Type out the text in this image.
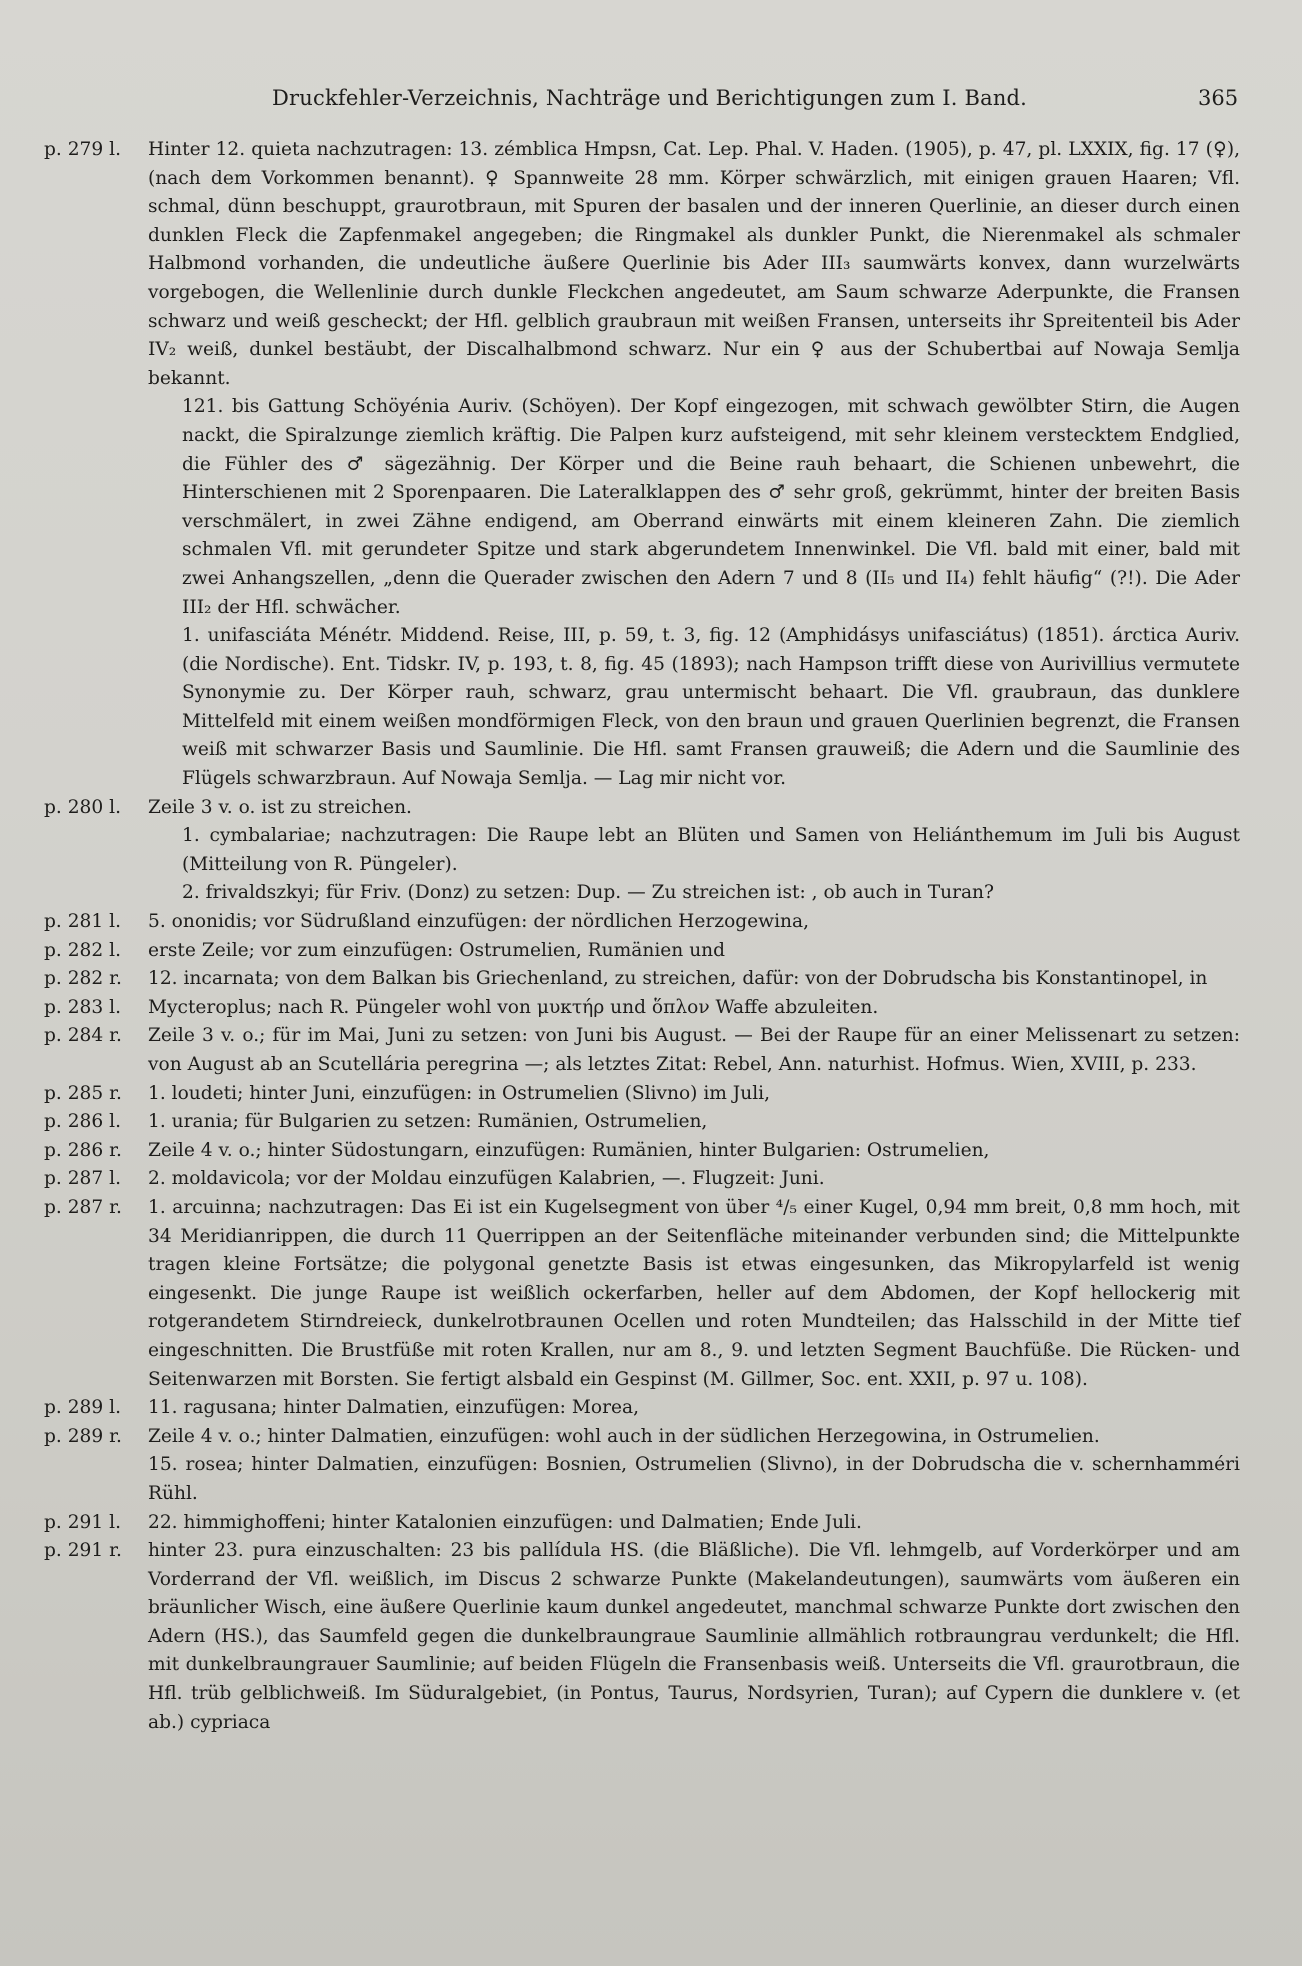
Druckfehler-Verzeichnis, Nachträge und Berichtigungen zum I. Band.	365
p. 279 l.	Hinter 12. quieta nachzutragen: 13. zémblica Hmpsn, Cat. Lep. Phal. V. Haden. (1905), p. 47, pl. LXXIX, fig. 17 (♀), (nach dem Vorkommen benannt). ♀ Spannweite 28 mm. Körper schwärzlich, mit einigen grauen Haaren; Vfl. schmal, dünn beschuppt, graurotbraun, mit Spuren der basalen und der inneren Querlinie, an dieser durch einen dunklen Fleck die Zapfenmakel angegeben; die Ringmakel als dunkler Punkt, die Nierenmakel als schmaler Halbmond vorhanden, die undeutliche äußere Querlinie bis Ader III₃ saumwärts konvex, dann wurzelwärts vorgebogen, die Wellenlinie durch dunkle Fleckchen angedeutet, am Saum schwarze Aderpunkte, die Fransen schwarz und weiß gescheckt; der Hfl. gelblich graubraun mit weißen Fransen, unterseits ihr Spreitenteil bis Ader IV₂ weiß, dunkel bestäubt, der Discalhalbmond schwarz. Nur ein ♀ aus der Schubertbai auf Nowaja Semlja bekannt.
121. bis Gattung Schöyénia Auriv. (Schöyen). Der Kopf eingezogen, mit schwach gewölbter Stirn, die Augen nackt, die Spiralzunge ziemlich kräftig. Die Palpen kurz aufsteigend, mit sehr kleinem verstecktem Endglied, die Fühler des ♂ sägezähnig. Der Körper und die Beine rauh behaart, die Schienen unbewehrt, die Hinterschienen mit 2 Sporenpaaren. Die Lateralklappen des ♂ sehr groß, gekrümmt, hinter der breiten Basis verschmälert, in zwei Zähne endigend, am Oberrand einwärts mit einem kleineren Zahn. Die ziemlich schmalen Vfl. mit gerundeter Spitze und stark abgerundetem Innenwinkel. Die Vfl. bald mit einer, bald mit zwei Anhangszellen, „denn die Querader zwischen den Adern 7 und 8 (II₅ und II₄) fehlt häufig“ (?!). Die Ader III₂ der Hfl. schwächer.
1. unifasciáta Ménétr. Middend. Reise, III, p. 59, t. 3, fig. 12 (Amphidásys unifasciátus) (1851). árctica Auriv. (die Nordische). Ent. Tidskr. IV, p. 193, t. 8, fig. 45 (1893); nach Hampson trifft diese von Aurivillius vermutete Synonymie zu. Der Körper rauh, schwarz, grau untermischt behaart. Die Vfl. graubraun, das dunklere Mittelfeld mit einem weißen mondförmigen Fleck, von den braun und grauen Querlinien begrenzt, die Fransen weiß mit schwarzer Basis und Saumlinie. Die Hfl. samt Fransen grauweiß; die Adern und die Saumlinie des Flügels schwarzbraun. Auf Nowaja Semlja. — Lag mir nicht vor.
p. 280 l.	Zeile 3 v. o. ist zu streichen.
1. cymbalariae; nachzutragen: Die Raupe lebt an Blüten und Samen von Heliánthemum im Juli bis August (Mitteilung von R. Püngeler).
2. frivaldszkyi; für Friv. (Donz) zu setzen: Dup. — Zu streichen ist: , ob auch in Turan?
p. 281 l.	5. ononidis; vor Südrußland einzufügen: der nördlichen Herzogewina,
p. 282 l.	erste Zeile; vor zum einzufügen: Ostrumelien, Rumänien und
p. 282 r.	12. incarnata; von dem Balkan bis Griechenland, zu streichen, dafür: von der Dobrudscha bis Konstantinopel, in
p. 283 l.	Mycteroplus; nach R. Püngeler wohl von μυκτήρ und ὅπλον Waffe abzuleiten.
p. 284 r.	Zeile 3 v. o.; für im Mai, Juni zu setzen: von Juni bis August. — Bei der Raupe für an einer Melissenart zu setzen: von August ab an Scutellária peregrina —; als letztes Zitat: Rebel, Ann. naturhist. Hofmus. Wien, XVIII, p. 233.
p. 285 r.	1. loudeti; hinter Juni, einzufügen: in Ostrumelien (Slivno) im Juli,
p. 286 l.	1. urania; für Bulgarien zu setzen: Rumänien, Ostrumelien,
p. 286 r.	Zeile 4 v. o.; hinter Südostungarn, einzufügen: Rumänien, hinter Bulgarien: Ostrumelien,
p. 287 l.	2. moldavicola; vor der Moldau einzufügen Kalabrien, —. Flugzeit: Juni.
p. 287 r.	1. arcuinna; nachzutragen: Das Ei ist ein Kugelsegment von über ⁴/₅ einer Kugel, 0,94 mm breit, 0,8 mm hoch, mit 34 Meridianrippen, die durch 11 Querrippen an der Seitenfläche miteinander verbunden sind; die Mittelpunkte tragen kleine Fortsätze; die polygonal genetzte Basis ist etwas eingesunken, das Mikropylarfeld ist wenig eingesenkt. Die junge Raupe ist weißlich ockerfarben, heller auf dem Abdomen, der Kopf hellockerig mit rotgerandetem Stirndreieck, dunkelrotbraunen Ocellen und roten Mundteilen; das Halsschild in der Mitte tief eingeschnitten. Die Brustfüße mit roten Krallen, nur am 8., 9. und letzten Segment Bauchfüße. Die Rücken- und Seitenwarzen mit Borsten. Sie fertigt alsbald ein Gespinst (M. Gillmer, Soc. ent. XXII, p. 97 u. 108).
p. 289 l.	11. ragusana; hinter Dalmatien, einzufügen: Morea,
p. 289 r.	Zeile 4 v. o.; hinter Dalmatien, einzufügen: wohl auch in der südlichen Herzegowina, in Ostrumelien.
15. rosea; hinter Dalmatien, einzufügen: Bosnien, Ostrumelien (Slivno), in der Dobrudscha die v. schernhamméri Rühl.
p. 291 l.	22. himmighoffeni; hinter Katalonien einzufügen: und Dalmatien; Ende Juli.
p. 291 r.	hinter 23. pura einzuschalten: 23 bis pallídula HS. (die Bläßliche). Die Vfl. lehmgelb, auf Vorderkörper und am Vorderrand der Vfl. weißlich, im Discus 2 schwarze Punkte (Makelandeutungen), saumwärts vom äußeren ein bräunlicher Wisch, eine äußere Querlinie kaum dunkel angedeutet, manchmal schwarze Punkte dort zwischen den Adern (HS.), das Saumfeld gegen die dunkelbraungraue Saumlinie allmählich rotbraungrau verdunkelt; die Hfl. mit dunkelbraungrauer Saumlinie; auf beiden Flügeln die Fransenbasis weiß. Unterseits die Vfl. graurotbraun, die Hfl. trüb gelblichweiß. Im Süduralgebiet, (in Pontus, Taurus, Nordsyrien, Turan); auf Cypern die dunklere v. (et ab.) cypriaca
